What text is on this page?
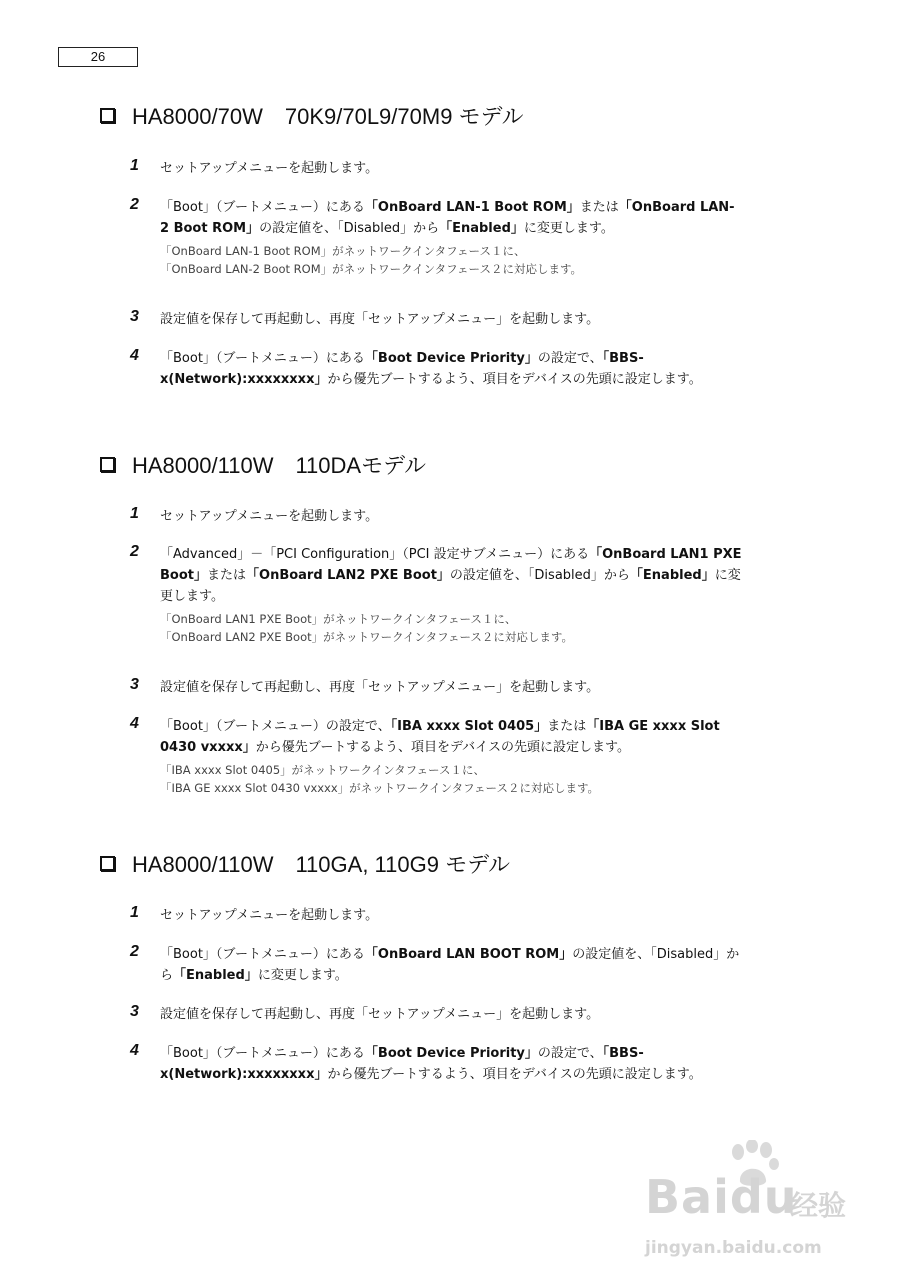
26
HA8000/70W　70K9/70L9/70M9 モデル
1	セットアップメニューを起動します。
2	「Boot」（ブートメニュー）にある「OnBoard LAN-1 Boot ROM」または「OnBoard LAN-2 Boot ROM」の設定値を、「Disabled」から「Enabled」に変更します。
「OnBoard LAN-1 Boot ROM」がネットワークインタフェース１に、
「OnBoard LAN-2 Boot ROM」がネットワークインタフェース２に対応します。
3	設定値を保存して再起動し、再度「セットアップメニュー」を起動します。
4	「Boot」（ブートメニュー）にある「Boot Device Priority」の設定で、「BBS-x(Network):xxxxxxxx」から優先ブートするよう、項目をデバイスの先頭に設定します。
HA8000/110W　110DAモデル
1	セットアップメニューを起動します。
2	「Advanced」－「PCI Configuration」（PCI 設定サブメニュー）にある「OnBoard LAN1 PXE Boot」または「OnBoard LAN2 PXE Boot」の設定値を、「Disabled」から「Enabled」に変更します。
「OnBoard LAN1 PXE Boot」がネットワークインタフェース１に、
「OnBoard LAN2 PXE Boot」がネットワークインタフェース２に対応します。
3	設定値を保存して再起動し、再度「セットアップメニュー」を起動します。
4	「Boot」（ブートメニュー）の設定で、「IBA xxxx Slot 0405」または「IBA GE xxxx Slot 0430 vxxxx」から優先ブートするよう、項目をデバイスの先頭に設定します。
「IBA xxxx Slot 0405」がネットワークインタフェース１に、
「IBA GE xxxx Slot 0430 vxxxx」がネットワークインタフェース２に対応します。
HA8000/110W　110GA, 110G9 モデル
1	セットアップメニューを起動します。
2	「Boot」（ブートメニュー）にある「OnBoard LAN BOOT ROM」の設定値を、「Disabled」から「Enabled」に変更します。
3	設定値を保存して再起動し、再度「セットアップメニュー」を起動します。
4	「Boot」（ブートメニュー）にある「Boot Device Priority」の設定で、「BBS-x(Network):xxxxxxxx」から優先ブートするよう、項目をデバイスの先頭に設定します。
Baidu
经验
jingyan.baidu.com
